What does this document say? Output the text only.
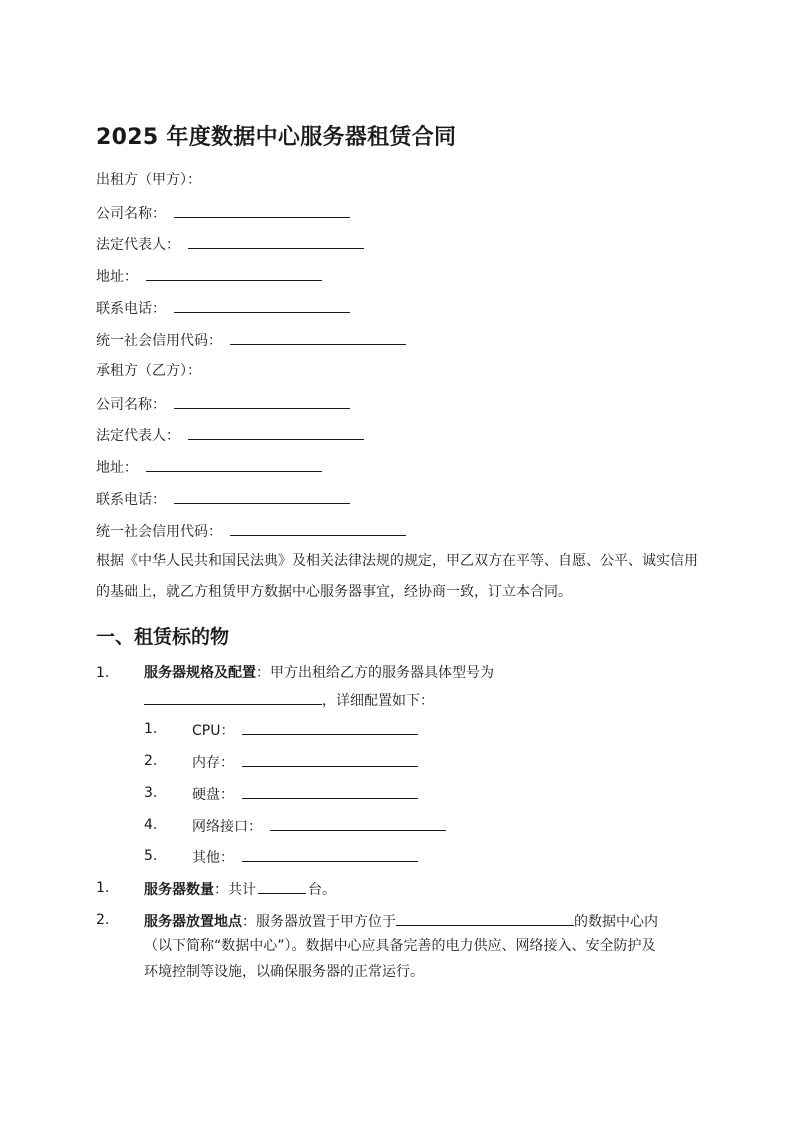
2025 年度数据中心服务器租赁合同
出租方（甲方）：
公司名称：
法定代表人：
地址：
联系电话：
统一社会信用代码：
承租方（乙方）：
公司名称：
法定代表人：
地址：
联系电话：
统一社会信用代码：
根据《中华人民共和国民法典》及相关法律法规的规定，甲乙双方在平等、自愿、公平、诚实信用的基础上，就乙方租赁甲方数据中心服务器事宜，经协商一致，订立本合同。
一、租赁标的物
1. 服务器规格及配置：甲方出租给乙方的服务器具体型号为
，详细配置如下：
1. CPU：
2. 内存：
3. 硬盘：
4. 网络接口：
5. 其他：
1. 服务器数量：共计	台。
2. 服务器放置地点：服务器放置于甲方位于	的数据中心内
（以下简称“数据中心”）。数据中心应具备完善的电力供应、网络接入、安全防护及
环境控制等设施，以确保服务器的正常运行。
